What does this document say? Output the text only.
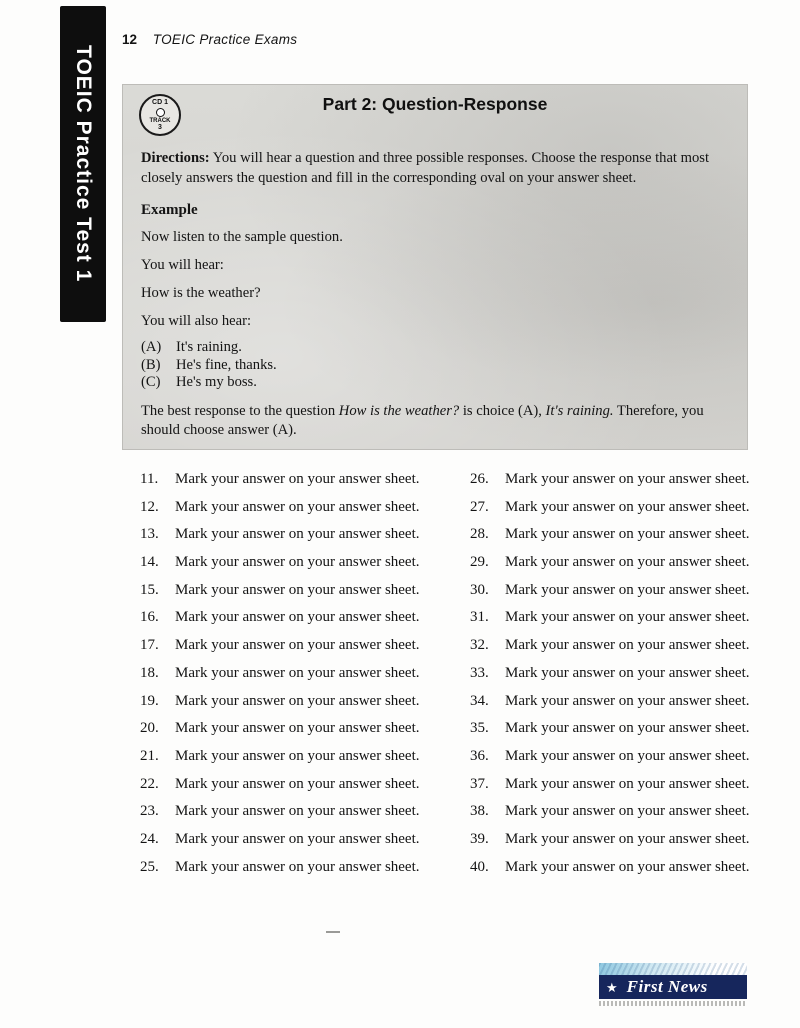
TOEIC Practice Test 1
12 TOEIC Practice Exams
CD 1
TRACK
3
Part 2: Question-Response

Directions: You will hear a question and three possible responses. Choose the response that most closely answers the question and fill in the corresponding oval on your answer sheet.

Example

Now listen to the sample question.

You will hear:

How is the weather?

You will also hear:

(A) It's raining.
(B) He's fine, thanks.
(C) He's my boss.

The best response to the question How is the weather? is choice (A), It's raining. Therefore, you should choose answer (A).

11. Mark your answer on your answer sheet.
12. Mark your answer on your answer sheet.
13. Mark your answer on your answer sheet.
14. Mark your answer on your answer sheet.
15. Mark your answer on your answer sheet.
16. Mark your answer on your answer sheet.
17. Mark your answer on your answer sheet.
18. Mark your answer on your answer sheet.
19. Mark your answer on your answer sheet.
20. Mark your answer on your answer sheet.
21. Mark your answer on your answer sheet.
22. Mark your answer on your answer sheet.
23. Mark your answer on your answer sheet.
24. Mark your answer on your answer sheet.
25. Mark your answer on your answer sheet.
26. Mark your answer on your answer sheet.
27. Mark your answer on your answer sheet.
28. Mark your answer on your answer sheet.
29. Mark your answer on your answer sheet.
30. Mark your answer on your answer sheet.
31. Mark your answer on your answer sheet.
32. Mark your answer on your answer sheet.
33. Mark your answer on your answer sheet.
34. Mark your answer on your answer sheet.
35. Mark your answer on your answer sheet.
36. Mark your answer on your answer sheet.
37. Mark your answer on your answer sheet.
38. Mark your answer on your answer sheet.
39. Mark your answer on your answer sheet.
40. Mark your answer on your answer sheet.
★ First News
